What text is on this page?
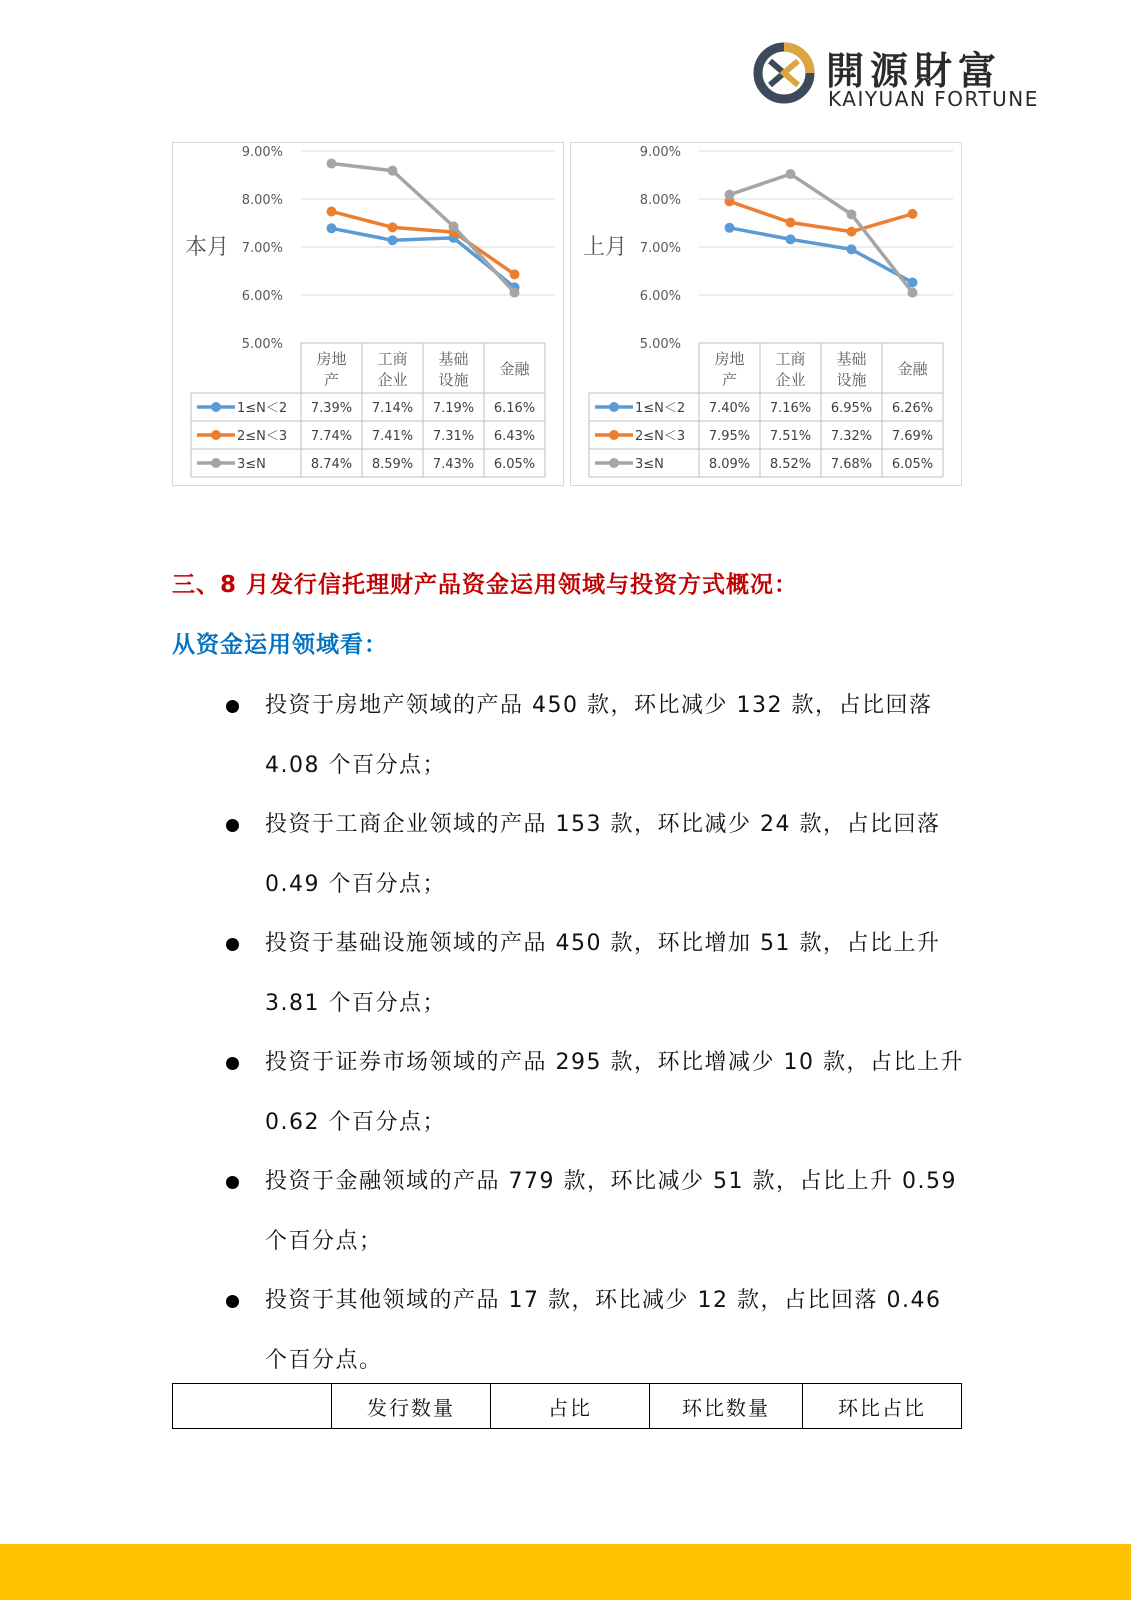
開源財富
KAIYUAN FORTUNE
9.00%
8.00%
7.00%
6.00%
5.00%
本月
房地
产
工商
企业
基础
设施
金融
1≤N＜2 7.39% 7.14% 7.19% 6.16%
2≤N＜3 7.74% 7.41% 7.31% 6.43%
3≤N	8.74% 8.59% 7.43% 6.05%
9.00%
8.00%
7.00%
6.00%
5.00%
上月
房地
产
工商
企业
基础
设施
金融
1≤N＜2 7.40% 7.16% 6.95% 6.26%
2≤N＜3 7.95% 7.51% 7.32% 7.69%
3≤N	8.09% 8.52% 7.68% 6.05%
三、8 月发行信托理财产品资金运用领域与投资方式概况：
从资金运用领域看：
投资于房地产领域的产品 450 款，环比减少 132 款，占比回落 4.08 个百分点；
投资于工商企业领域的产品 153 款，环比减少 24 款，占比回落 0.49 个百分点；
投资于基础设施领域的产品 450 款，环比增加 51 款，占比上升 3.81 个百分点；
投资于证券市场领域的产品 295 款，环比增减少 10 款，占比上升 0.62 个百分点；
投资于金融领域的产品 779 款，环比减少 51 款，占比上升 0.59 个百分点；
投资于其他领域的产品 17 款，环比减少 12 款，占比回落 0.46 个百分点。
	发行数量	占比	环比数量	环比占比
